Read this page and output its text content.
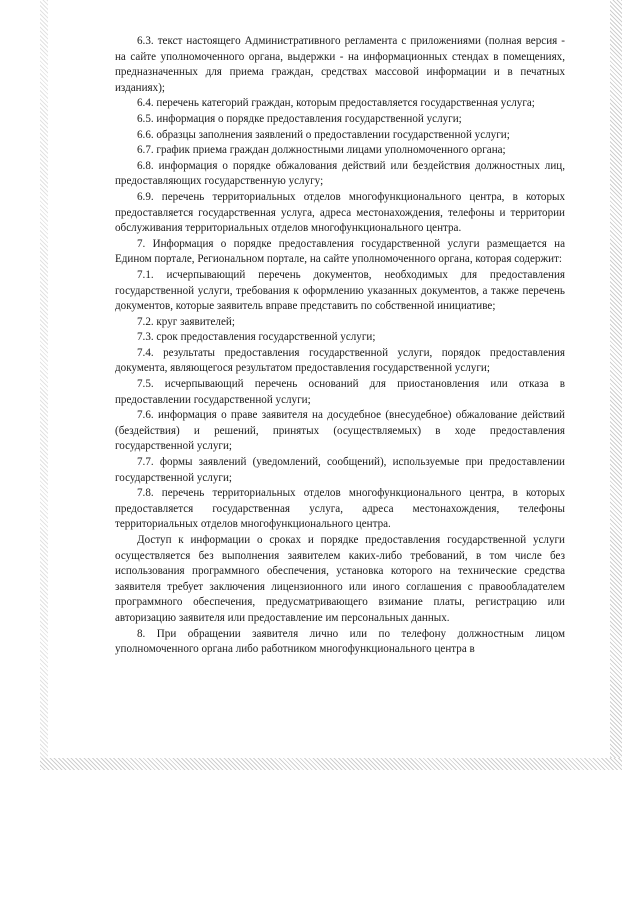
6.3. текст настоящего Административного регламента с приложениями (полная версия - на сайте уполномоченного органа, выдержки - на информационных стендах в помещениях, предназначенных для приема граждан, средствах массовой информации и в печатных изданиях);

6.4. перечень категорий граждан, которым предоставляется государственная услуга;

6.5. информация о порядке предоставления государственной услуги;

6.6. образцы заполнения заявлений о предоставлении государственной услуги;

6.7. график приема граждан должностными лицами уполномоченного органа;

6.8. информация о порядке обжалования действий или бездействия должностных лиц, предоставляющих государственную услугу;

6.9. перечень территориальных отделов многофункционального центра, в которых предоставляется государственная услуга, адреса местонахождения, телефоны и территории обслуживания территориальных отделов многофункционального центра.

7. Информация о порядке предоставления государственной услуги размещается на Едином портале, Региональном портале, на сайте уполномоченного органа, которая содержит:

7.1. исчерпывающий перечень документов, необходимых для предоставления государственной услуги, требования к оформлению указанных документов, а также перечень документов, которые заявитель вправе представить по собственной инициативе;

7.2. круг заявителей;

7.3. срок предоставления государственной услуги;

7.4. результаты предоставления государственной услуги, порядок предоставления документа, являющегося результатом предоставления государственной услуги;

7.5. исчерпывающий перечень оснований для приостановления или отказа в предоставлении государственной услуги;

7.6. информация о праве заявителя на досудебное (внесудебное) обжалование действий (бездействия) и решений, принятых (осуществляемых) в ходе предоставления государственной услуги;

7.7. формы заявлений (уведомлений, сообщений), используемые при предоставлении государственной услуги;

7.8. перечень территориальных отделов многофункционального центра, в которых предоставляется государственная услуга, адреса местонахождения, телефоны территориальных отделов многофункционального центра.

Доступ к информации о сроках и порядке предоставления государственной услуги осуществляется без выполнения заявителем каких-либо требований, в том числе без использования программного обеспечения, установка которого на технические средства заявителя требует заключения лицензионного или иного соглашения с правообладателем программного обеспечения, предусматривающего взимание платы, регистрацию или авторизацию заявителя или предоставление им персональных данных.

8. При обращении заявителя лично или по телефону должностным лицом уполномоченного органа либо работником многофункционального центра в
